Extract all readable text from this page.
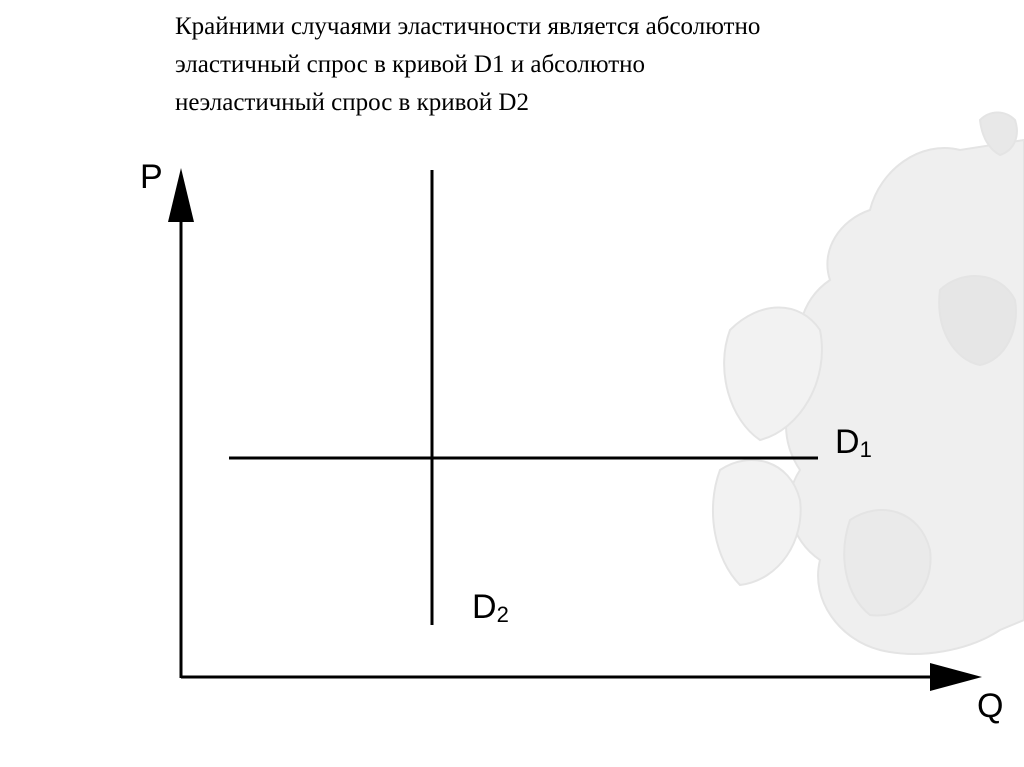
Крайними случаями эластичности является абсолютно
эластичный спрос в кривой D1 и абсолютно
неэластичный спрос в кривой D2
P
Q
D1
D2
